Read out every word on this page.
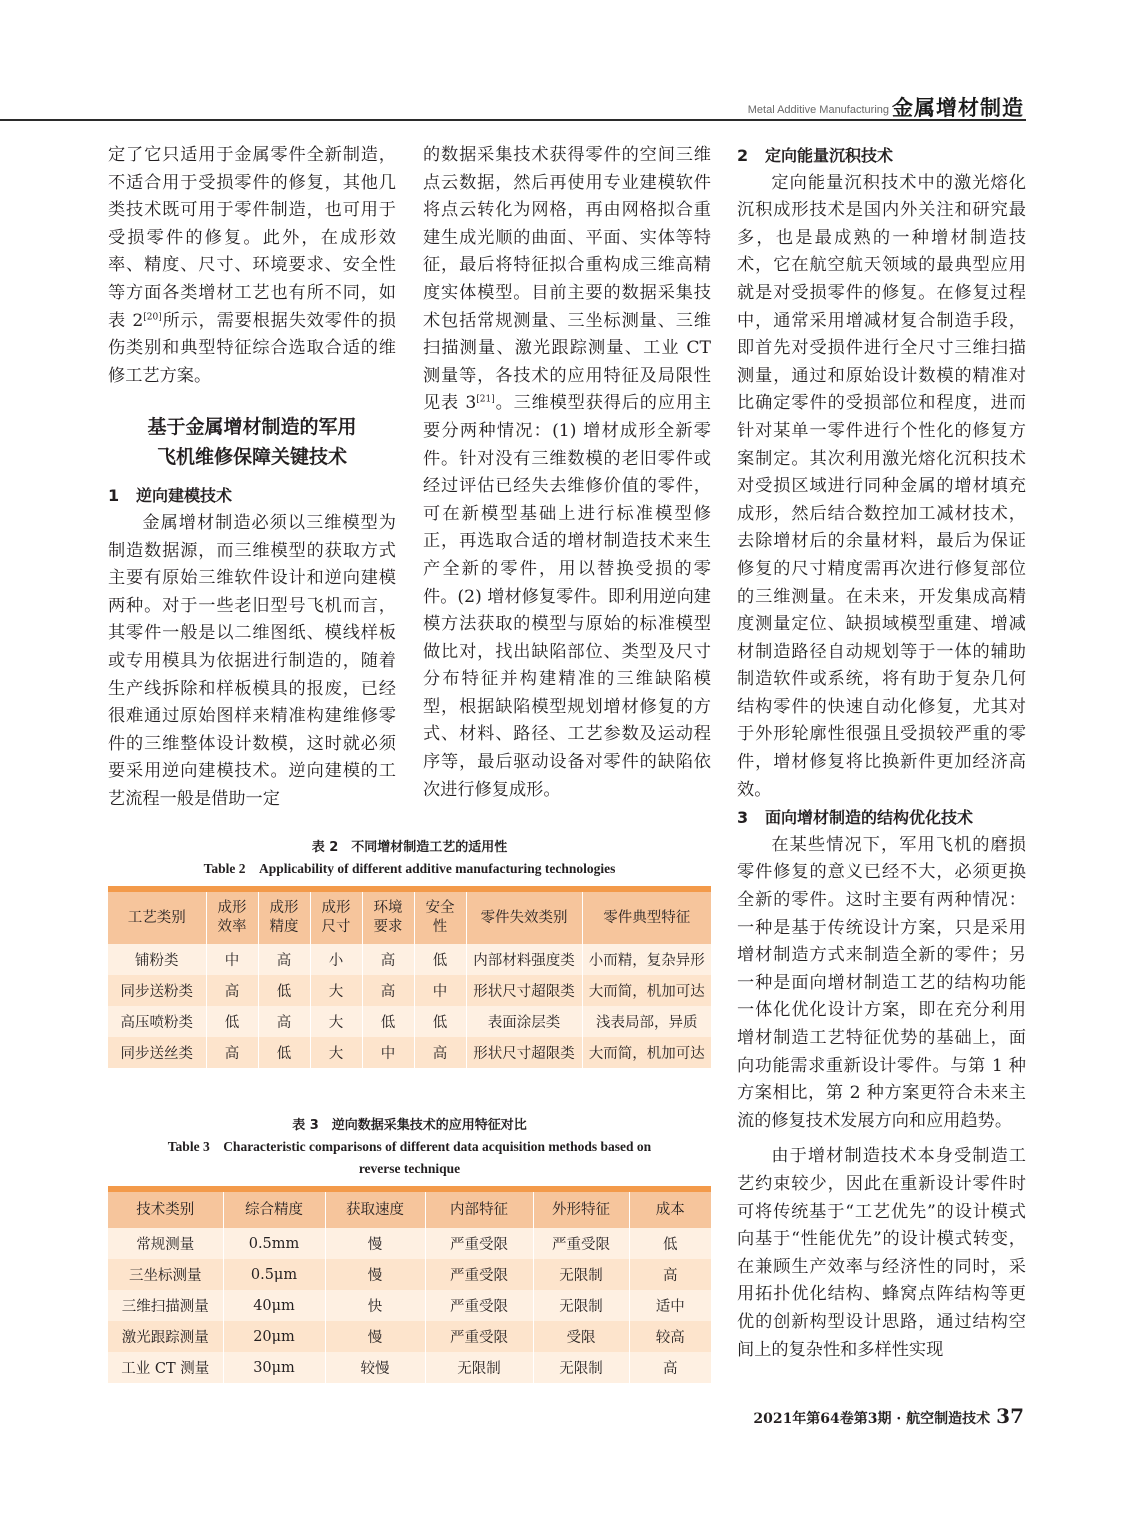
Metal Additive Manufacturing 金属增材制造

定了它只适用于金属零件全新制造，不适合用于受损零件的修复，其他几类技术既可用于零件制造，也可用于受损零件的修复。此外，在成形效率、精度、尺寸、环境要求、安全性等方面各类增材工艺也有所不同，如表 2[20]所示，需要根据失效零件的损伤类别和典型特征综合选取合适的维修工艺方案。

基于金属增材制造的军用
飞机维修保障关键技术
1 逆向建模技术

金属增材制造必须以三维模型为制造数据源，而三维模型的获取方式主要有原始三维软件设计和逆向建模两种。对于一些老旧型号飞机而言，其零件一般是以二维图纸、模线样板或专用模具为依据进行制造的，随着生产线拆除和样板模具的报废，已经很难通过原始图样来精准构建维修零件的三维整体设计数模，这时就必须要采用逆向建模技术。逆向建模的工艺流程一般是借助一定

的数据采集技术获得零件的空间三维点云数据，然后再使用专业建模软件将点云转化为网格，再由网格拟合重建生成光顺的曲面、平面、实体等特征，最后将特征拟合重构成三维高精度实体模型。目前主要的数据采集技术包括常规测量、三坐标测量、三维扫描测量、激光跟踪测量、工业 CT 测量等，各技术的应用特征及局限性见表 3[21]。三维模型获得后的应用主要分两种情况：(1) 增材成形全新零件。针对没有三维数模的老旧零件或经过评估已经失去维修价值的零件，可在新模型基础上进行标准模型修正，再选取合适的增材制造技术来生产全新的零件，用以替换受损的零件。(2) 增材修复零件。即利用逆向建模方法获取的模型与原始的标准模型做比对，找出缺陷部位、类型及尺寸分布特征并构建精准的三维缺陷模型，根据缺陷模型规划增材修复的方式、材料、路径、工艺参数及运动程序等，最后驱动设备对零件的缺陷依次进行修复成形。

2 定向能量沉积技术

定向能量沉积技术中的激光熔化沉积成形技术是国内外关注和研究最多，也是最成熟的一种增材制造技术，它在航空航天领域的最典型应用就是对受损零件的修复。在修复过程中，通常采用增减材复合制造手段，即首先对受损件进行全尺寸三维扫描测量，通过和原始设计数模的精准对比确定零件的受损部位和程度，进而针对某单一零件进行个性化的修复方案制定。其次利用激光熔化沉积技术对受损区域进行同种金属的增材填充成形，然后结合数控加工减材技术，去除增材后的余量材料，最后为保证修复的尺寸精度需再次进行修复部位的三维测量。在未来，开发集成高精度测量定位、缺损域模型重建、增减材制造路径自动规划等于一体的辅助制造软件或系统，将有助于复杂几何结构零件的快速自动化修复，尤其对于外形轮廓性很强且受损较严重的零件，增材修复将比换新件更加经济高效。

3 面向增材制造的结构优化技术

在某些情况下，军用飞机的磨损零件修复的意义已经不大，必须更换全新的零件。这时主要有两种情况：一种是基于传统设计方案，只是采用增材制造方式来制造全新的零件；另一种是面向增材制造工艺的结构功能一体化优化设计方案，即在充分利用增材制造工艺特征优势的基础上，面向功能需求重新设计零件。与第 1 种方案相比，第 2 种方案更符合未来主流的修复技术发展方向和应用趋势。

由于增材制造技术本身受制造工艺约束较少，因此在重新设计零件时可将传统基于“工艺优先”的设计模式向基于“性能优先”的设计模式转变，在兼顾生产效率与经济性的同时，采用拓扑优化结构、蜂窝点阵结构等更优的创新构型设计思路，通过结构空间上的复杂性和多样性实现

表 2　不同增材制造工艺的适用性
Table 2　Applicability of different additive manufacturing technologies
工艺类别	成形效率	成形精度	成形尺寸	环境要求	安全性	零件失效类别	零件典型特征
铺粉类	中	高	小	高	低	内部材料强度类	小而精，复杂异形
同步送粉类	高	低	大	高	中	形状尺寸超限类	大而简，机加可达
高压喷粉类	低	高	大	低	低	表面涂层类	浅表局部，异质
同步送丝类	高	低	大	中	高	形状尺寸超限类	大而简，机加可达
表 3　逆向数据采集技术的应用特征对比
Table 3　Characteristic comparisons of different data acquisition methods based on
reverse technique
技术类别	综合精度	获取速度	内部特征	外形特征	成本
常规测量	0.5mm	慢	严重受限	严重受限	低
三坐标测量	0.5μm	慢	严重受限	无限制	高
三维扫描测量	40μm	快	严重受限	无限制	适中
激光跟踪测量	20μm	慢	严重受限	受限	较高
工业 CT 测量	30μm	较慢	无限制	无限制	高
2021年第64卷第3期 · 航空制造技术 37
